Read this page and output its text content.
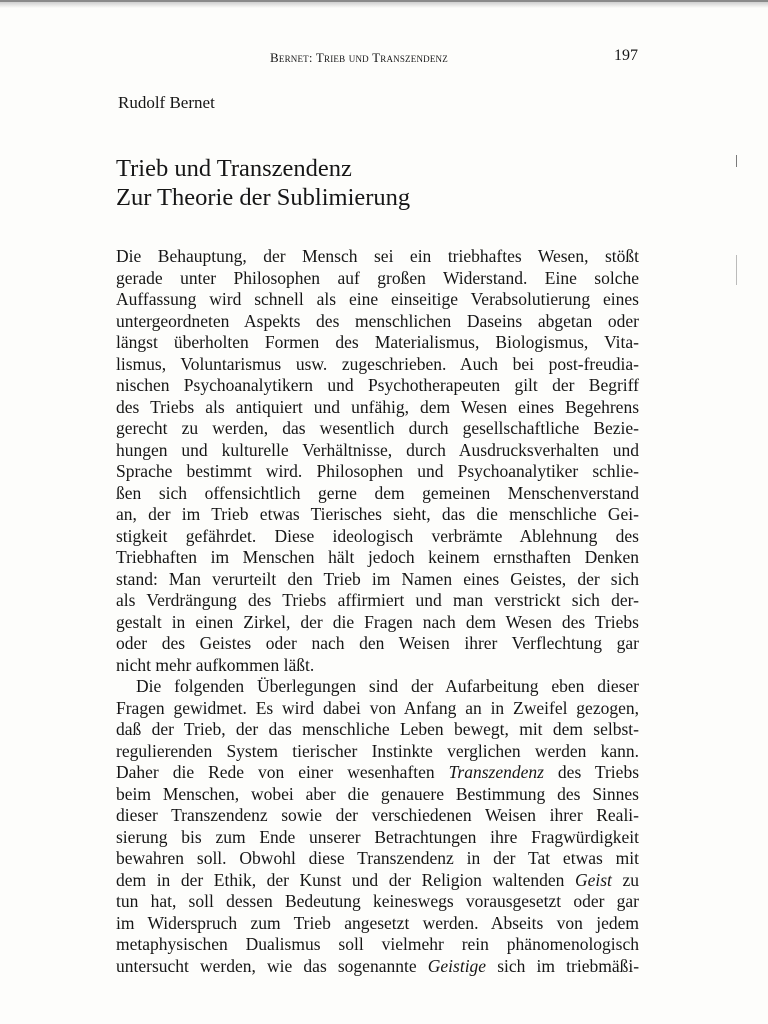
Bernet: Trieb und Transzendenz	197
Rudolf Bernet
Trieb und Transzendenz
Zur Theorie der Sublimierung
Die Behauptung, der Mensch sei ein triebhaftes Wesen, stößt
gerade unter Philosophen auf großen Widerstand. Eine solche
Auffassung wird schnell als eine einseitige Verabsolutierung eines
untergeordneten Aspekts des menschlichen Daseins abgetan oder
längst überholten Formen des Materialismus, Biologismus, Vita-
lismus, Voluntarismus usw. zugeschrieben. Auch bei post-freudia-
nischen Psychoanalytikern und Psychotherapeuten gilt der Begriff
des Triebs als antiquiert und unfähig, dem Wesen eines Begehrens
gerecht zu werden, das wesentlich durch gesellschaftliche Bezie-
hungen und kulturelle Verhältnisse, durch Ausdrucksverhalten und
Sprache bestimmt wird. Philosophen und Psychoanalytiker schlie-
ßen sich offensichtlich gerne dem gemeinen Menschenverstand
an, der im Trieb etwas Tierisches sieht, das die menschliche Gei-
stigkeit gefährdet. Diese ideologisch verbrämte Ablehnung des
Triebhaften im Menschen hält jedoch keinem ernsthaften Denken
stand: Man verurteilt den Trieb im Namen eines Geistes, der sich
als Verdrängung des Triebs affirmiert und man verstrickt sich der-
gestalt in einen Zirkel, der die Fragen nach dem Wesen des Triebs
oder des Geistes oder nach den Weisen ihrer Verflechtung gar
nicht mehr aufkommen läßt.
Die folgenden Überlegungen sind der Aufarbeitung eben dieser
Fragen gewidmet. Es wird dabei von Anfang an in Zweifel gezogen,
daß der Trieb, der das menschliche Leben bewegt, mit dem selbst-
regulierenden System tierischer Instinkte verglichen werden kann.
Daher die Rede von einer wesenhaften Transzendenz des Triebs
beim Menschen, wobei aber die genauere Bestimmung des Sinnes
dieser Transzendenz sowie der verschiedenen Weisen ihrer Reali-
sierung bis zum Ende unserer Betrachtungen ihre Fragwürdigkeit
bewahren soll. Obwohl diese Transzendenz in der Tat etwas mit
dem in der Ethik, der Kunst und der Religion waltenden Geist zu
tun hat, soll dessen Bedeutung keineswegs vorausgesetzt oder gar
im Widerspruch zum Trieb angesetzt werden. Abseits von jedem
metaphysischen Dualismus soll vielmehr rein phänomenologisch
untersucht werden, wie das sogenannte Geistige sich im triebmäßi-
